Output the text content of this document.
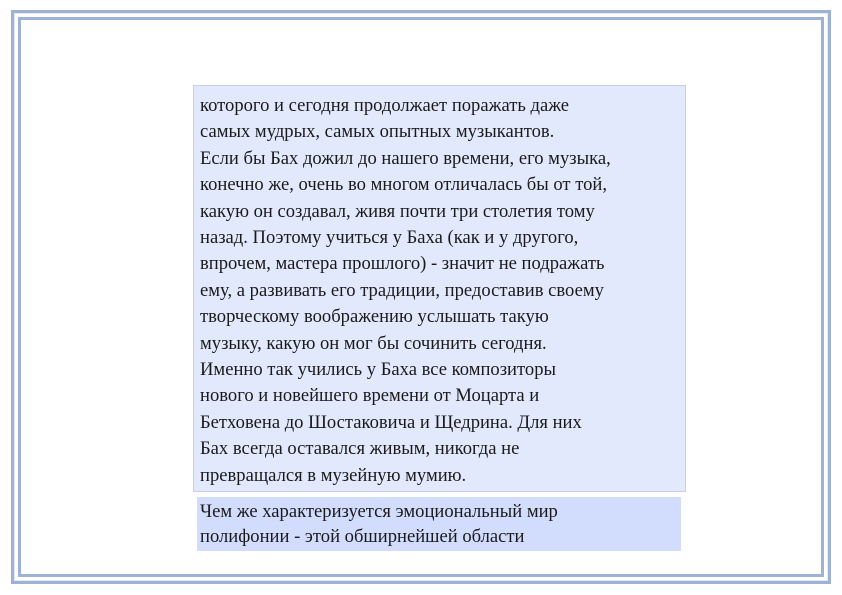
которого и сегодня продолжает поражать даже

самых мудрых, самых опытных музыкантов.

Если бы Бах дожил до нашего времени, его музыка,

конечно же, очень во многом отличалась бы от той,

какую он создавал, живя почти три столетия тому

назад. Поэтому учиться у Баха (как и у другого,

впрочем, мастера прошлого) - значит не подражать

ему, а развивать его традиции, предоставив своему

творческому воображению услышать такую

музыку, какую он мог бы сочинить сегодня.

Именно так учились у Баха все композиторы

нового и новейшего времени от Моцарта и

Бетховена до Шостаковича и Щедрина. Для них

Бах всегда оставался живым, никогда не

превращался в музейную мумию.

Чем же характеризуется эмоциональный мир

полифонии - этой обширнейшей области
